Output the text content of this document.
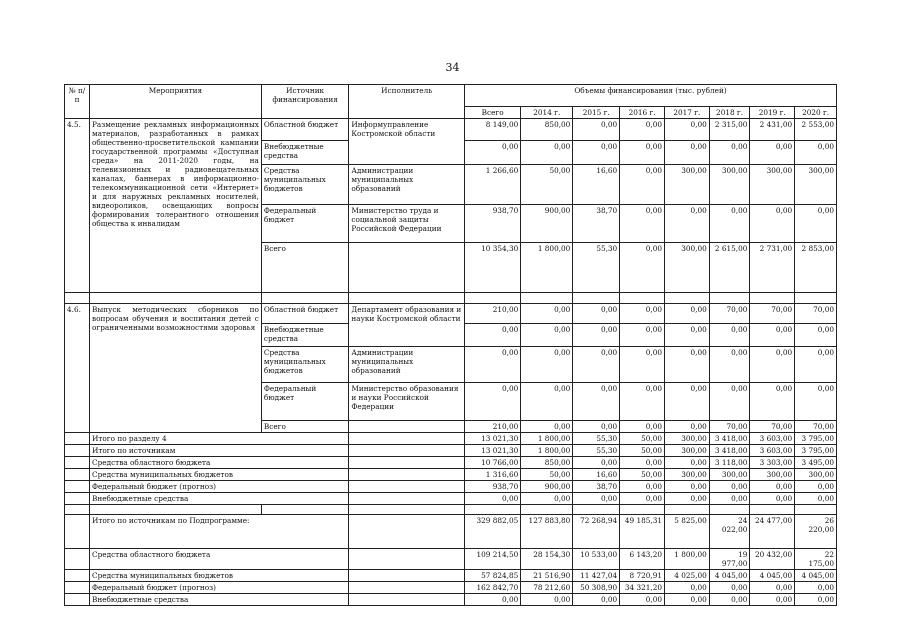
34
№ п/п	Мероприятия	Источник финансирования	Исполнитель	Объемы финансирования (тыс. рублей)							
				Всего	2014 г.	2015 г.	2016 г.	2017 г.	2018 г.	2019 г.	2020 г.
4.5.	Размещение рекламных информационных материалов, разработанных в рамках общественно-просветительской кампании государственной программы «Доступная среда» на 2011-2020 годы, на телевизионных и радиовещательных каналах, баннерах в информационно-телекоммуникационной сети «Интернет» и для наружных рекламных носителей, видеороликов, освещающих вопросы формирования толерантного отношения общества к инвалидам	Областной бюджет	Информуправление Костромской области	8 149,00	850,00	0,00	0,00	0,00	2 315,00	2 431,00	2 553,00
		Внебюджетные средства		0,00	0,00	0,00	0,00	0,00	0,00	0,00	0,00
		Средства муниципальных бюджетов	Администрации муниципальных образований	1 266,60	50,00	16,60	0,00	300,00	300,00	300,00	300,00
		Федеральный бюджет	Министерство труда и социальной защиты Российской Федерации	938,70	900,00	38,70	0,00	0,00	0,00	0,00	0,00
		Всего		10 354,30	1 800,00	55,30	0,00	300,00	2 615,00	2 731,00	2 853,00

4.6.	Выпуск методических сборников по вопросам обучения и воспитания детей с ограниченными возможностями здоровья	Областной бюджет	Департамент образования и науки Костромской области	210,00	0,00	0,00	0,00	0,00	70,00	70,00	70,00
		Внебюджетные средства		0,00	0,00	0,00	0,00	0,00	0,00	0,00	0,00
		Средства муниципальных бюджетов	Администрации муниципальных образований	0,00	0,00	0,00	0,00	0,00	0,00	0,00	0,00
		Федеральный бюджет	Министерство образования и науки Российской Федерации	0,00	0,00	0,00	0,00	0,00	0,00	0,00	0,00
		Всего		210,00	0,00	0,00	0,00	0,00	70,00	70,00	70,00
	Итого по разделу 4			13 021,30	1 800,00	55,30	50,00	300,00	3 418,00	3 603,00	3 795,00
	Итого по источникам			13 021,30	1 800,00	55,30	50,00	300,00	3 418,00	3 603,00	3 795,00
	Средства областного бюджета			10 766,00	850,00	0,00	0,00	0,00	3 118,00	3 303,00	3 495,00
	Средства муниципальных бюджетов			1 316,60	50,00	16,60	50,00	300,00	300,00	300,00	300,00
	Федеральный бюджет (прогноз)			938,70	900,00	38,70	0,00	0,00	0,00	0,00	0,00
	Внебюджетные средства			0,00	0,00	0,00	0,00	0,00	0,00	0,00	0,00

	Итого по источникам по Подпрограмме:			329 882,05	127 883,80	72 268,94	49 185,31	5 825,00	24 022,00	24 477,00	26 220,00
	Средства областного бюджета			109 214,50	28 154,30	10 533,00	6 143,20	1 800,00	19 977,00	20 432,00	22 175,00
	Средства муниципальных бюджетов			57 824,85	21 516,90	11 427,04	8 720,91	4 025,00	4 045,00	4 045,00	4 045,00
	Федеральный бюджет (прогноз)			162 842,70	78 212,60	50 308,90	34 321,20	0,00	0,00	0,00	0,00
	Внебюджетные средства			0,00	0,00	0,00	0,00	0,00	0,00	0,00	0,00
